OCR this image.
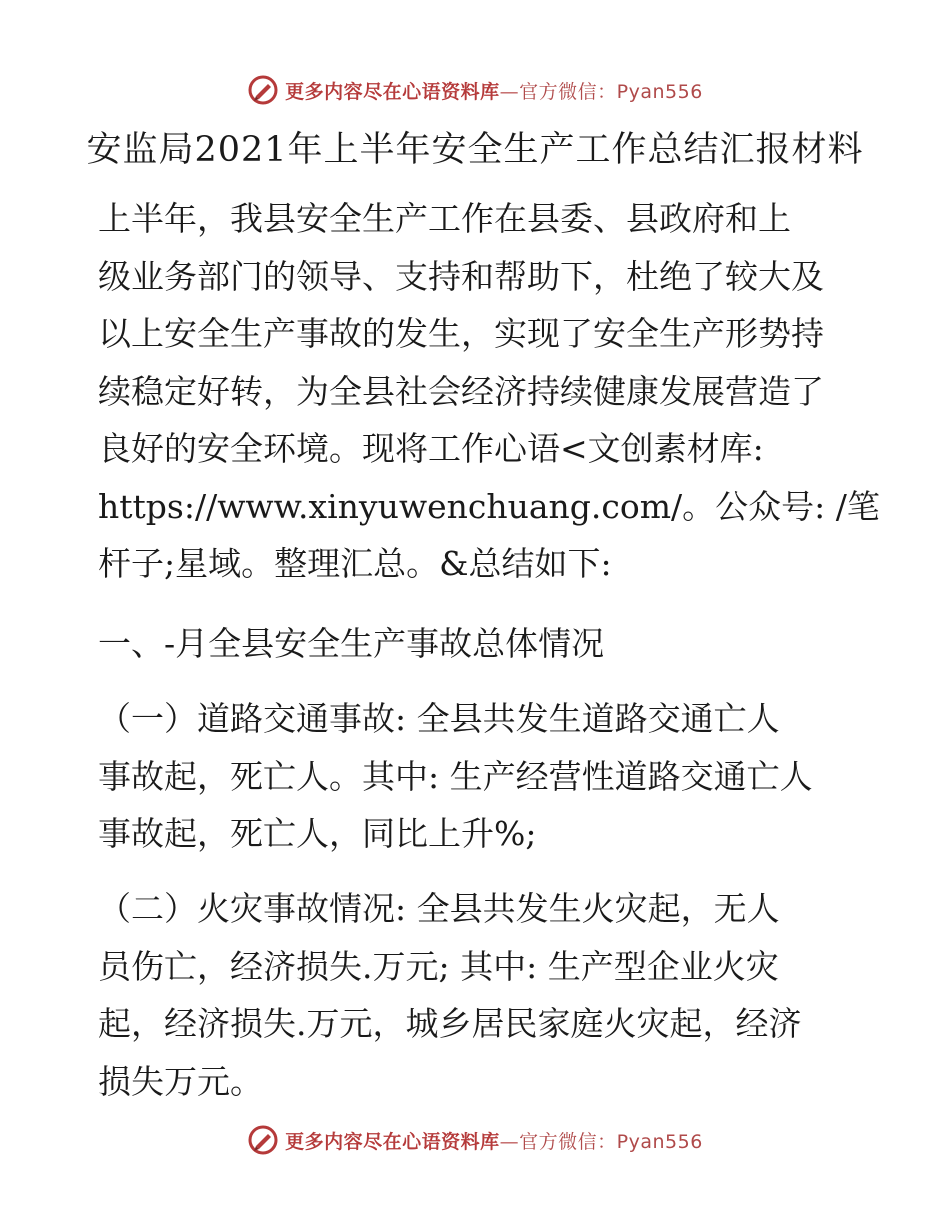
更多内容尽在心语资料库—官方微信：Pyan556
安监局2021年上半年安全生产工作总结汇报材料
上半年，我县安全生产工作在县委、县政府和上
级业务部门的领导、支持和帮助下，杜绝了较大及
以上安全生产事故的发生，实现了安全生产形势持
续稳定好转，为全县社会经济持续健康发展营造了
良好的安全环境。现将工作心语<文创素材库:
https://www.xinyuwenchuang.com/。公众号: /笔
杆子;星域。整理汇总。&总结如下:
一、-月全县安全生产事故总体情况
（一）道路交通事故: 全县共发生道路交通亡人
事故起，死亡人。其中: 生产经营性道路交通亡人
事故起，死亡人，同比上升%;
（二）火灾事故情况: 全县共发生火灾起，无人
员伤亡，经济损失.万元; 其中: 生产型企业火灾
起，经济损失.万元，城乡居民家庭火灾起，经济
损失万元。
更多内容尽在心语资料库—官方微信：Pyan556
